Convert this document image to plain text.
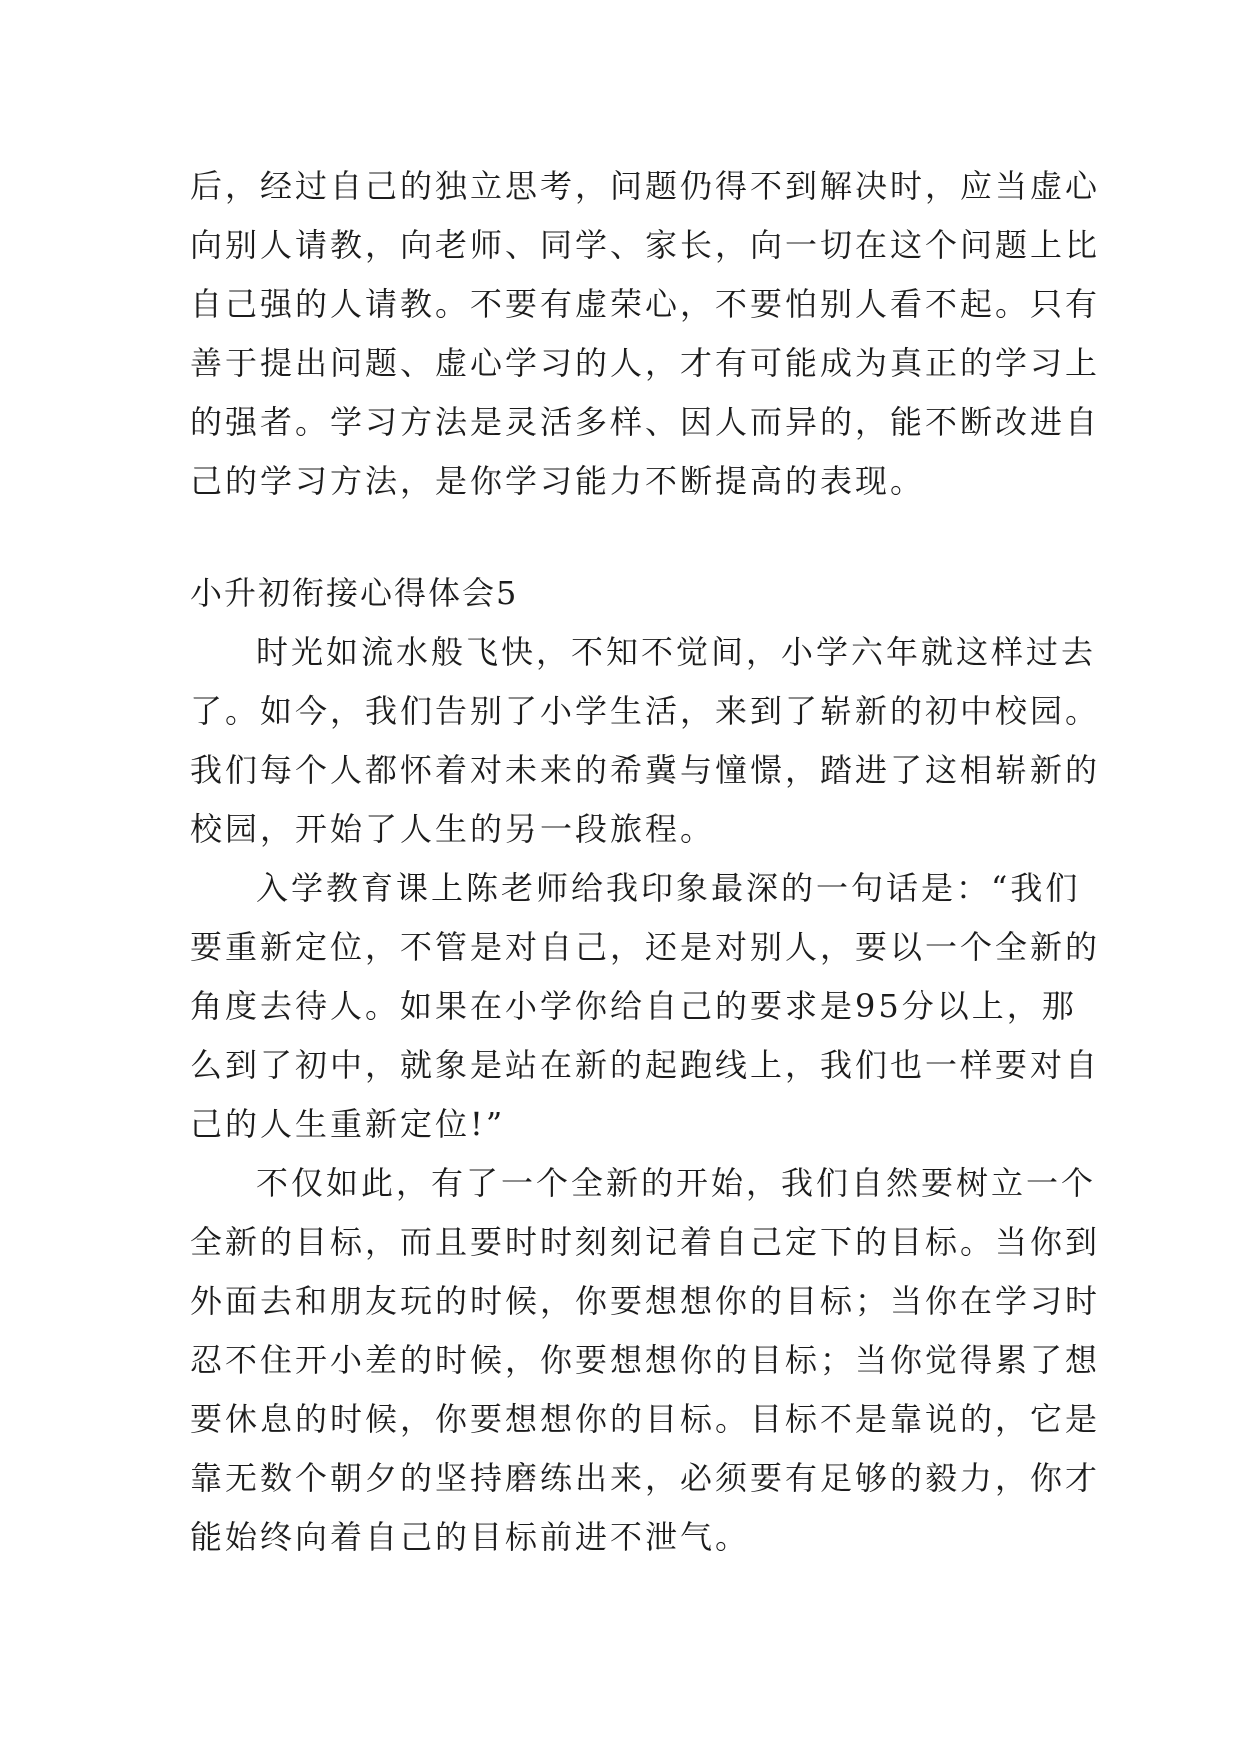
后，经过自己的独立思考，问题仍得不到解决时，应当虚心

向别人请教，向老师、同学、家长，向一切在这个问题上比

自己强的人请教。不要有虚荣心，不要怕别人看不起。只有

善于提出问题、虚心学习的人，才有可能成为真正的学习上

的强者。学习方法是灵活多样、因人而异的，能不断改进自

己的学习方法，是你学习能力不断提高的表现。

小升初衔接心得体会5

时光如流水般飞快，不知不觉间，小学六年就这样过去

了。如今，我们告别了小学生活，来到了崭新的初中校园。

我们每个人都怀着对未来的希冀与憧憬，踏进了这相崭新的

校园，开始了人生的另一段旅程。

入学教育课上陈老师给我印象最深的一句话是：“我们

要重新定位，不管是对自己，还是对别人，要以一个全新的

角度去待人。如果在小学你给自己的要求是95分以上，那

么到了初中，就象是站在新的起跑线上，我们也一样要对自

己的人生重新定位!”

不仅如此，有了一个全新的开始，我们自然要树立一个

全新的目标，而且要时时刻刻记着自己定下的目标。当你到

外面去和朋友玩的时候，你要想想你的目标；当你在学习时

忍不住开小差的时候，你要想想你的目标；当你觉得累了想

要休息的时候，你要想想你的目标。目标不是靠说的，它是

靠无数个朝夕的坚持磨练出来，必须要有足够的毅力，你才

能始终向着自己的目标前进不泄气。
